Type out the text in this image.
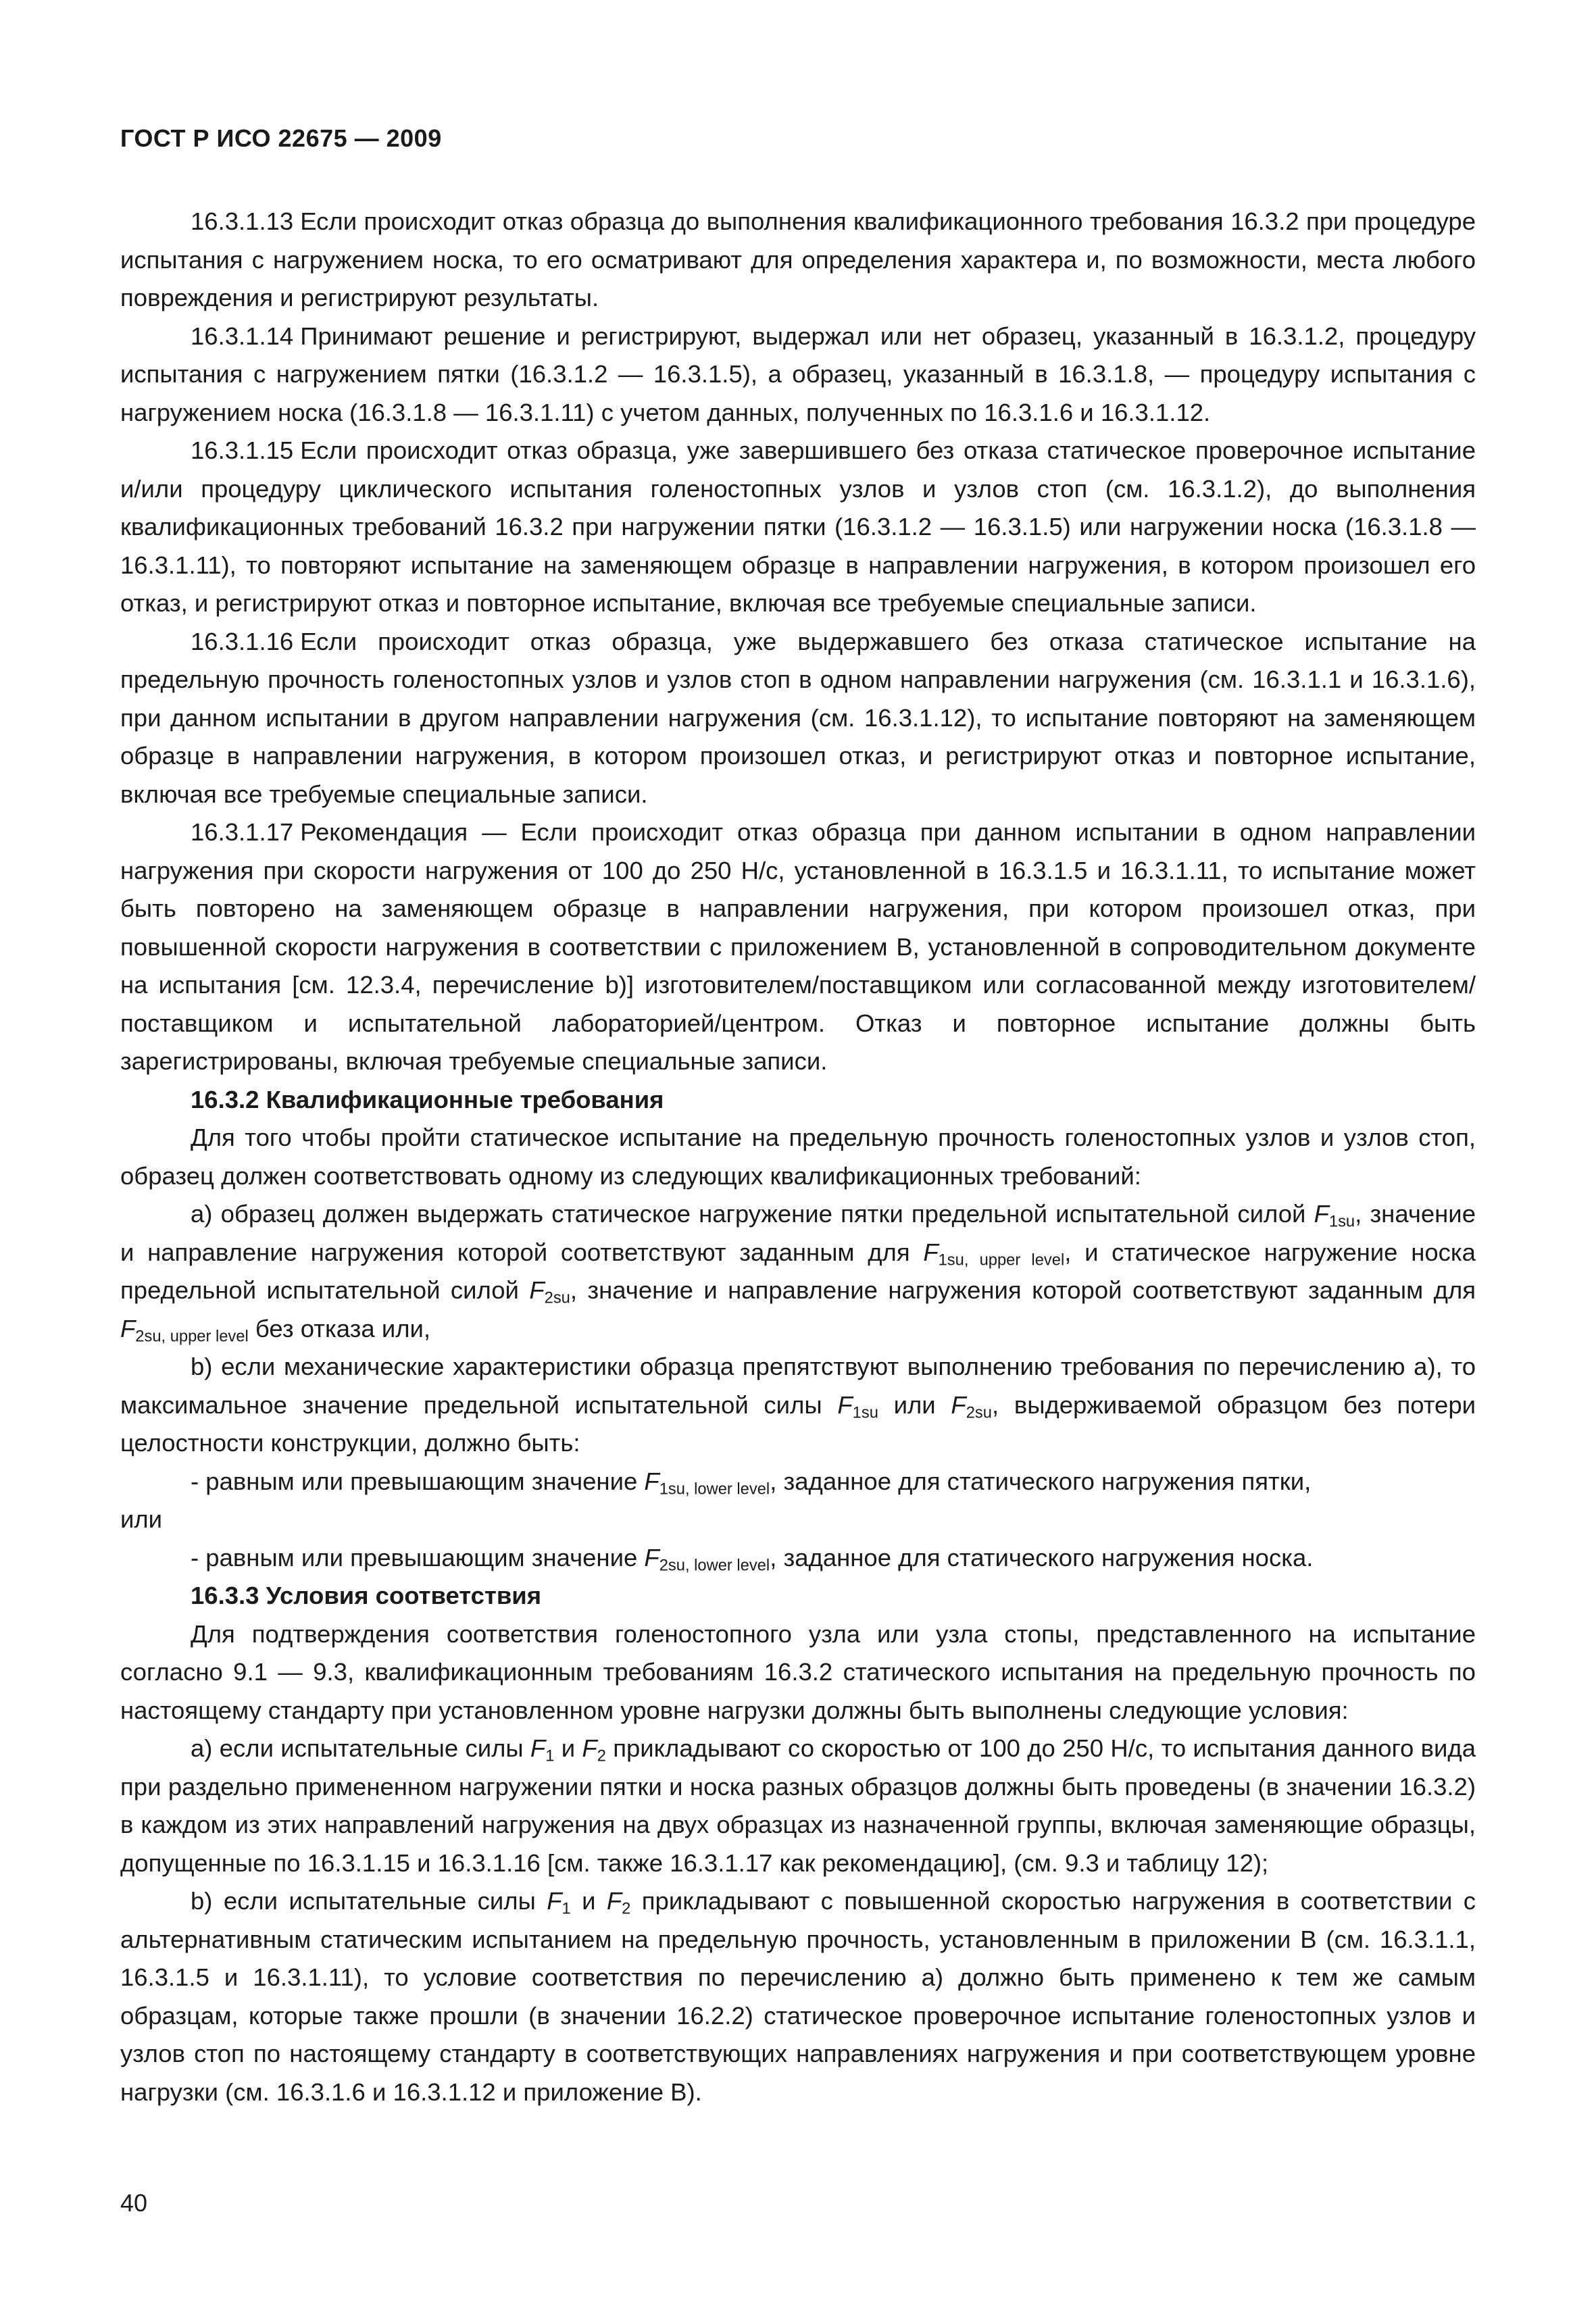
ГОСТ Р ИСО 22675 — 2009

16.3.1.13 Если происходит отказ образца до выполнения квалификационного требования 16.3.2 при процедуре испытания с нагружением носка, то его осматривают для определения характера и, по возможности, места любого повреждения и регистрируют результаты.

16.3.1.14 Принимают решение и регистрируют, выдержал или нет образец, указанный в 16.3.1.2, процедуру испытания с нагружением пятки (16.3.1.2 — 16.3.1.5), а образец, указанный в 16.3.1.8, — процедуру испытания с нагружением носка (16.3.1.8 — 16.3.1.11) с учетом данных, полученных по 16.3.1.6 и 16.3.1.12.

16.3.1.15 Если происходит отказ образца, уже завершившего без отказа статическое проверочное испытание и/или процедуру циклического испытания голеностопных узлов и узлов стоп (см. 16.3.1.2), до выполнения квалификационных требований 16.3.2 при нагружении пятки (16.3.1.2 — 16.3.1.5) или нагружении носка (16.3.1.8 — 16.3.1.11), то повторяют испытание на заменяющем образце в направлении нагружения, в котором произошел его отказ, и регистрируют отказ и повторное испытание, включая все требуемые специальные записи.

16.3.1.16 Если происходит отказ образца, уже выдержавшего без отказа статическое испытание на предельную прочность голеностопных узлов и узлов стоп в одном направлении нагружения (см. 16.3.1.1 и 16.3.1.6), при данном испытании в другом направлении нагружения (см. 16.3.1.12), то испытание повторяют на заменяющем образце в направлении нагружения, в котором произошел отказ, и регистрируют отказ и повторное испытание, включая все требуемые специальные записи.

16.3.1.17 Рекомендация — Если происходит отказ образца при данном испытании в одном направлении нагружения при скорости нагружения от 100 до 250 Н/с, установленной в 16.3.1.5 и 16.3.1.11, то испытание может быть повторено на заменяющем образце в направлении нагружения, при котором произошел отказ, при повышенной скорости нагружения в соответствии с приложением В, установленной в сопроводительном документе на испытания [см. 12.3.4, перечисление b)] изготовителем/поставщиком или согласованной между изготовителем/поставщиком и испытательной лабораторией/центром. Отказ и повторное испытание должны быть зарегистрированы, включая требуемые специальные записи.

16.3.2 Квалификационные требования

Для того чтобы пройти статическое испытание на предельную прочность голеностопных узлов и узлов стоп, образец должен соответствовать одному из следующих квалификационных требований:

а) образец должен выдержать статическое нагружение пятки предельной испытательной силой $F_{1su}$, значение и направление нагружения которой соответствуют заданным для $F_{1su, upper level}$, и статическое нагружение носка предельной испытательной силой $F_{2su}$, значение и направление нагружения которой соответствуют заданным для $F_{2su, upper level}$ без отказа или,

b) если механические характеристики образца препятствуют выполнению требования по перечислению а), то максимальное значение предельной испытательной силы $F_{1su}$ или $F_{2su}$, выдерживаемой образцом без потери целостности конструкции, должно быть:

- равным или превышающим значение $F_{1su, lower level}$, заданное для статического нагружения пятки,

или

- равным или превышающим значение $F_{2su, lower level}$, заданное для статического нагружения носка.

16.3.3 Условия соответствия

Для подтверждения соответствия голеностопного узла или узла стопы, представленного на испытание согласно 9.1 — 9.3, квалификационным требованиям 16.3.2 статического испытания на предельную прочность по настоящему стандарту при установленном уровне нагрузки должны быть выполнены следующие условия:

а) если испытательные силы $F_1$ и $F_2$ прикладывают со скоростью от 100 до 250 Н/с, то испытания данного вида при раздельно примененном нагружении пятки и носка разных образцов должны быть проведены (в значении 16.3.2) в каждом из этих направлений нагружения на двух образцах из назначенной группы, включая заменяющие образцы, допущенные по 16.3.1.15 и 16.3.1.16 [см. также 16.3.1.17 как рекомендацию], (см. 9.3 и таблицу 12);

b) если испытательные силы $F_1$ и $F_2$ прикладывают с повышенной скоростью нагружения в соответствии с альтернативным статическим испытанием на предельную прочность, установленным в приложении В (см. 16.3.1.1, 16.3.1.5 и 16.3.1.11), то условие соответствия по перечислению а) должно быть применено к тем же самым образцам, которые также прошли (в значении 16.2.2) статическое проверочное испытание голеностопных узлов и узлов стоп по настоящему стандарту в соответствующих направлениях нагружения и при соответствующем уровне нагрузки (см. 16.3.1.6 и 16.3.1.12 и приложение В).

40
